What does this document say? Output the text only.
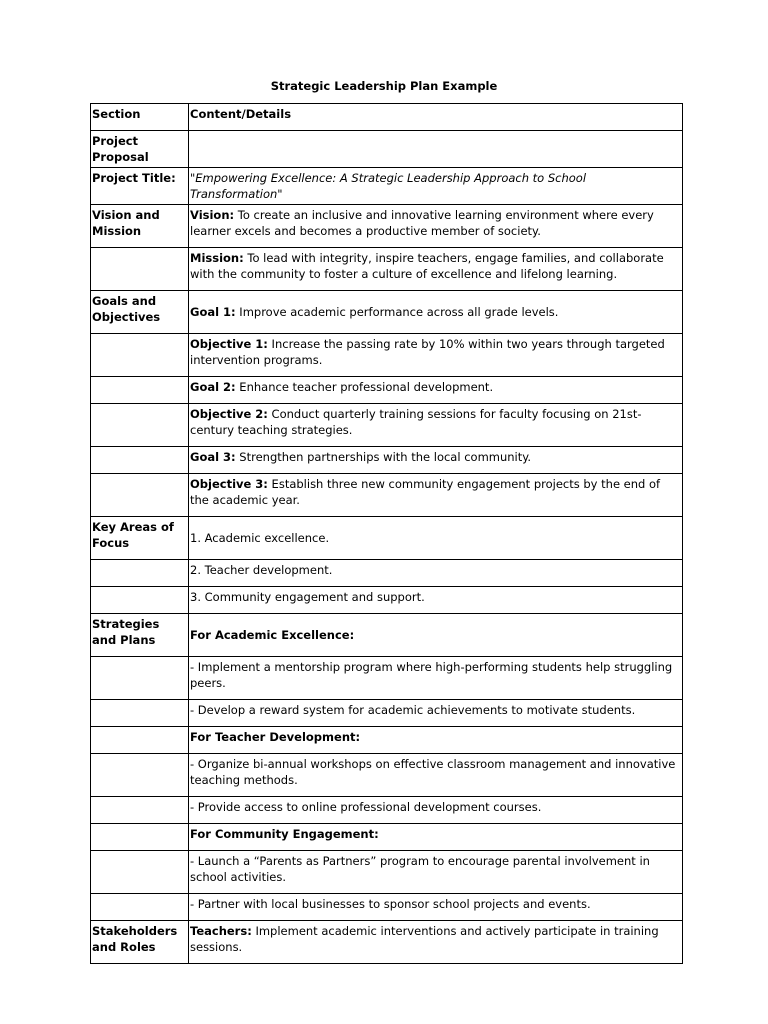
Strategic Leadership Plan Example
Section	Content/Details
Project Proposal	
Project Title:	"Empowering Excellence: A Strategic Leadership Approach to School Transformation"
Vision and Mission	Vision: To create an inclusive and innovative learning environment where every learner excels and becomes a productive member of society.
	Mission: To lead with integrity, inspire teachers, engage families, and collaborate with the community to foster a culture of excellence and lifelong learning.
Goals and Objectives	Goal 1: Improve academic performance across all grade levels.
	Objective 1: Increase the passing rate by 10% within two years through targeted intervention programs.
	Goal 2: Enhance teacher professional development.
	Objective 2: Conduct quarterly training sessions for faculty focusing on 21st-century teaching strategies.
	Goal 3: Strengthen partnerships with the local community.
	Objective 3: Establish three new community engagement projects by the end of the academic year.
Key Areas of Focus	1. Academic excellence.
	2. Teacher development.
	3. Community engagement and support.
Strategies and Plans	For Academic Excellence:
	- Implement a mentorship program where high-performing students help struggling peers.
	- Develop a reward system for academic achievements to motivate students.
	For Teacher Development:
	- Organize bi-annual workshops on effective classroom management and innovative teaching methods.
	- Provide access to online professional development courses.
	For Community Engagement:
	- Launch a “Parents as Partners” program to encourage parental involvement in school activities.
	- Partner with local businesses to sponsor school projects and events.
Stakeholders and Roles	Teachers: Implement academic interventions and actively participate in training sessions.
